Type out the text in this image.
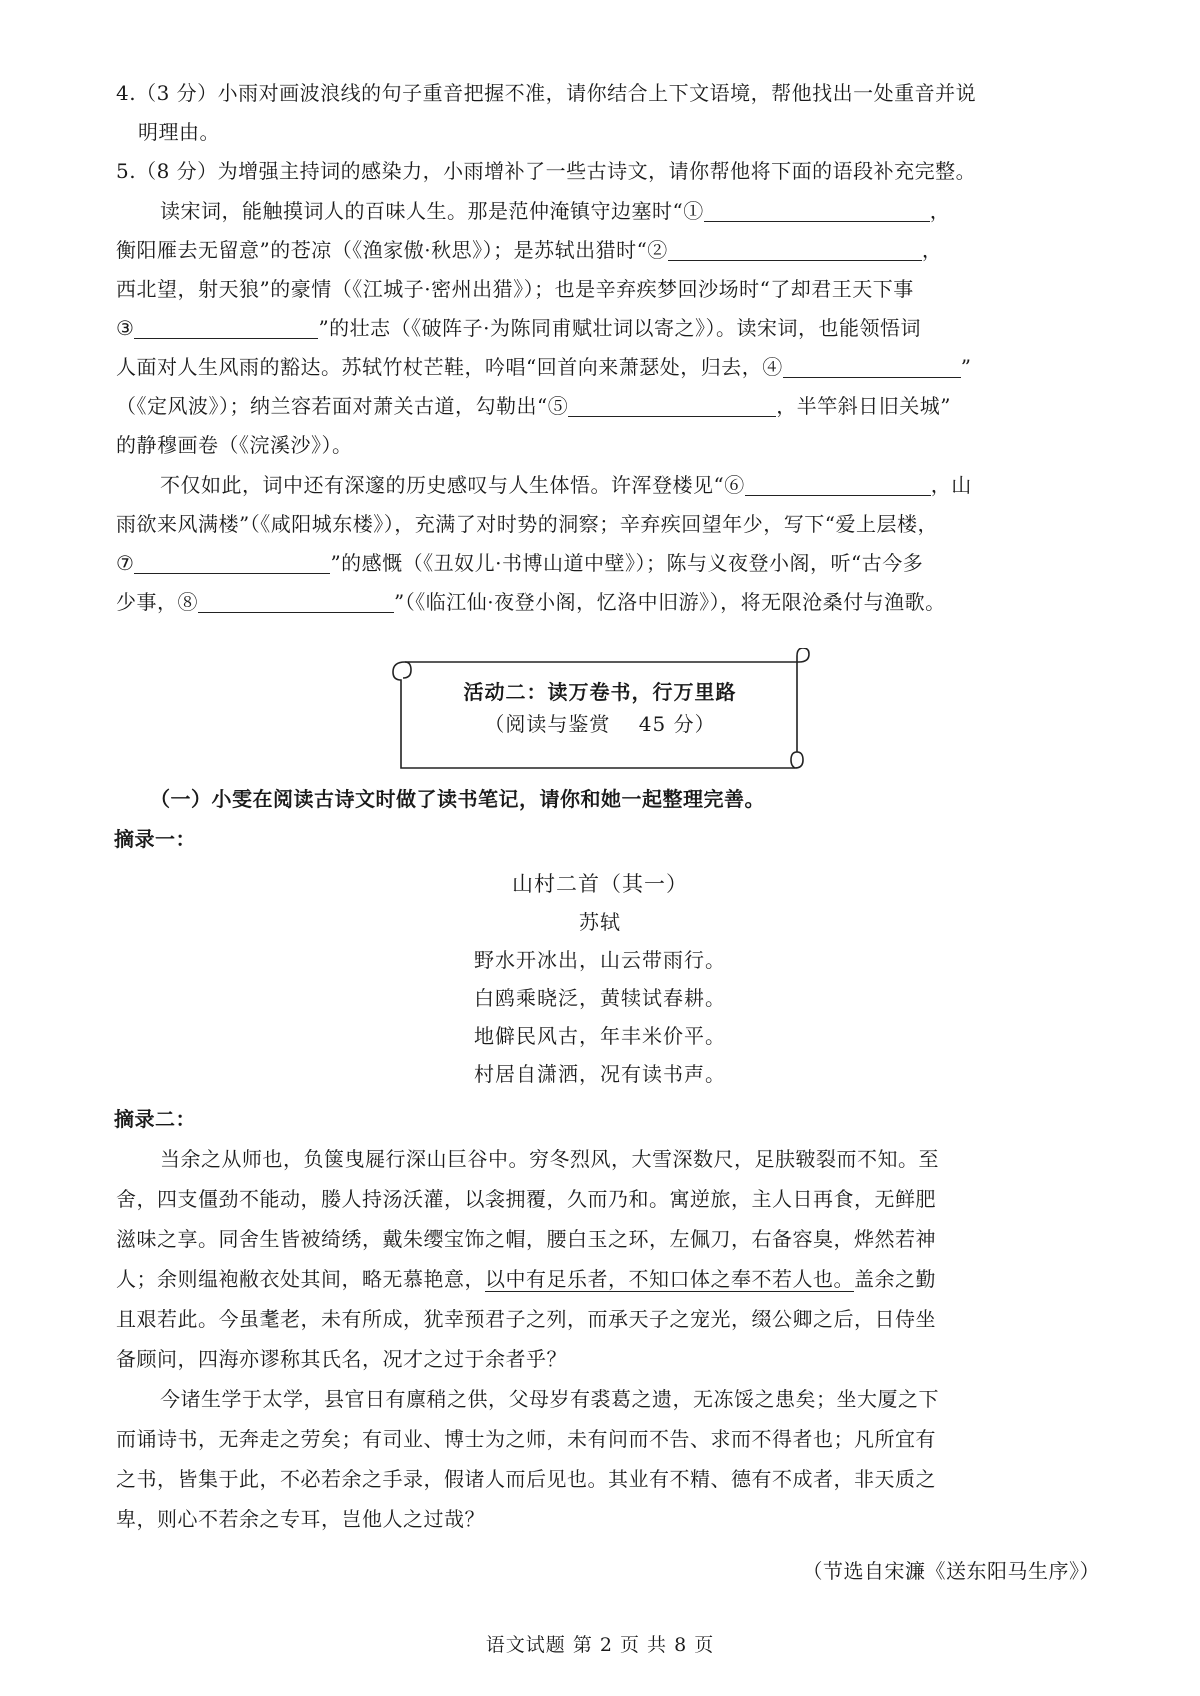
4.（3 分）小雨对画波浪线的句子重音把握不准，请你结合上下文语境，帮他找出一处重音并说
明理由。
5.（8 分）为增强主持词的感染力，小雨增补了一些古诗文，请你帮他将下面的语段补充完整。
读宋词，能触摸词人的百味人生。那是范仲淹镇守边塞时“①	，
衡阳雁去无留意”的苍凉（《渔家傲·秋思》）；是苏轼出猎时“②	，
西北望，射天狼”的豪情（《江城子·密州出猎》）；也是辛弃疾梦回沙场时“了却君王天下事
③	”的壮志（《破阵子·为陈同甫赋壮词以寄之》）。读宋词，也能领悟词
人面对人生风雨的豁达。苏轼竹杖芒鞋，吟唱“回首向来萧瑟处，归去，④	”
（《定风波》）；纳兰容若面对萧关古道，勾勒出“⑤	，半竿斜日旧关城”
的静穆画卷（《浣溪沙》）。
不仅如此，词中还有深邃的历史感叹与人生体悟。许浑登楼见“⑥	，山
雨欲来风满楼”（《咸阳城东楼》），充满了对时势的洞察；辛弃疾回望年少，写下“爱上层楼，
⑦	”的感慨（《丑奴儿·书博山道中壁》）；陈与义夜登小阁，听“古今多
少事，⑧	”（《临江仙·夜登小阁，忆洛中旧游》），将无限沧桑付与渔歌。
活动二：读万卷书，行万里路
（阅读与鉴赏　 45 分）
（一）小雯在阅读古诗文时做了读书笔记，请你和她一起整理完善。
摘录一：
山村二首（其一）
苏轼
野水开冰出，山云带雨行。
白鸥乘晓泛，黄犊试春耕。
地僻民风古，年丰米价平。
村居自潇洒，况有读书声。
摘录二：
当余之从师也，负箧曳屣行深山巨谷中。穷冬烈风，大雪深数尺，足肤皲裂而不知。至
舍，四支僵劲不能动，媵人持汤沃灌，以衾拥覆，久而乃和。寓逆旅，主人日再食，无鲜肥
滋味之享。同舍生皆被绮绣，戴朱缨宝饰之帽，腰白玉之环，左佩刀，右备容臭，烨然若神
人；余则缊袍敝衣处其间，略无慕艳意，以中有足乐者，不知口体之奉不若人也。盖余之勤
且艰若此。今虽耄老，未有所成，犹幸预君子之列，而承天子之宠光，缀公卿之后，日侍坐
备顾问，四海亦谬称其氏名，况才之过于余者乎？
今诸生学于太学，县官日有廪稍之供，父母岁有裘葛之遗，无冻馁之患矣；坐大厦之下
而诵诗书，无奔走之劳矣；有司业、博士为之师，未有问而不告、求而不得者也；凡所宜有
之书，皆集于此，不必若余之手录，假诸人而后见也。其业有不精、德有不成者，非天质之
卑，则心不若余之专耳，岂他人之过哉？
（节选自宋濂《送东阳马生序》）
语文试题 第 2 页 共 8 页
